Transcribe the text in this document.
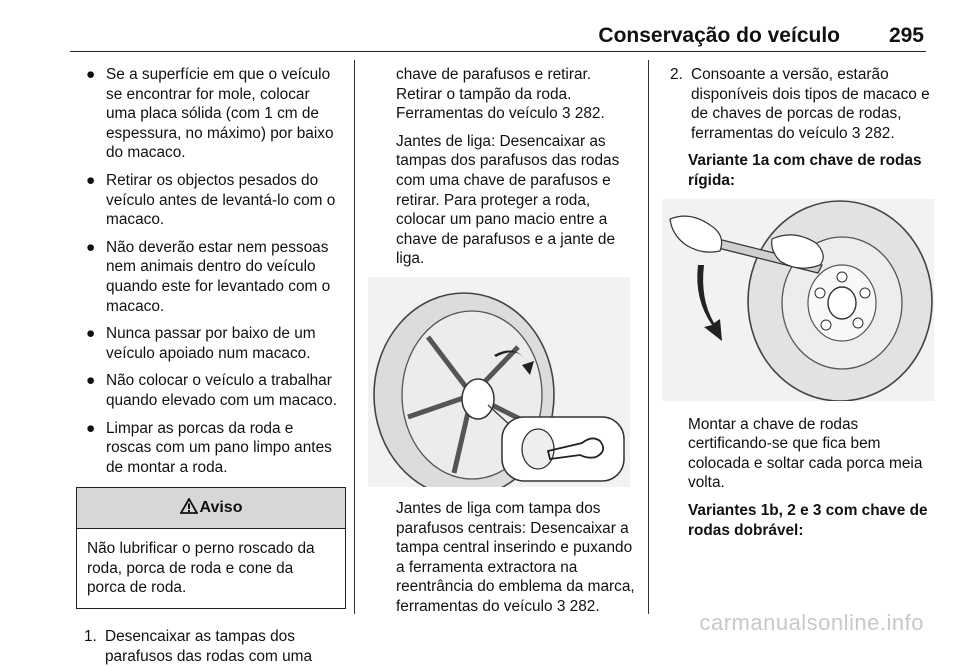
Conservação do veículo 295
● Se a superfície em que o veículo se encontrar for mole, colocar uma placa sólida (com 1 cm de espessura, no máximo) por baixo do macaco.
● Retirar os objectos pesados do veículo antes de levantá-lo com o macaco.
● Não deverão estar nem pessoas nem animais dentro do veículo quando este for levantado com o macaco.
● Nunca passar por baixo de um veículo apoiado num macaco.
● Não colocar o veículo a trabalhar quando elevado com um macaco.
● Limpar as porcas da roda e roscas com um pano limpo antes de montar a roda.
Aviso
Não lubrificar o perno roscado da roda, porca de roda e cone da porca de roda.
1. Desencaixar as tampas dos parafusos das rodas com uma

chave de parafusos e retirar. Retirar o tampão da roda. Ferramentas do veículo 3 282.

Jantes de liga: Desencaixar as tampas dos parafusos das rodas com uma chave de parafusos e retirar. Para proteger a roda, colocar um pano macio entre a chave de parafusos e a jante de liga.

Jantes de liga com tampa dos parafusos centrais: Desencaixar a tampa central inserindo e puxando a ferramenta extractora na reentrância do emblema da marca, ferramentas do veículo 3 282.

2. Consoante a versão, estarão disponíveis dois tipos de macaco e de chaves de porcas de rodas, ferramentas do veículo 3 282.
Variante 1a com chave de rodas rígida:
Montar a chave de rodas certificando-se que fica bem colocada e soltar cada porca meia volta.
Variantes 1b, 2 e 3 com chave de rodas dobrável:
carmanualsonline.info
